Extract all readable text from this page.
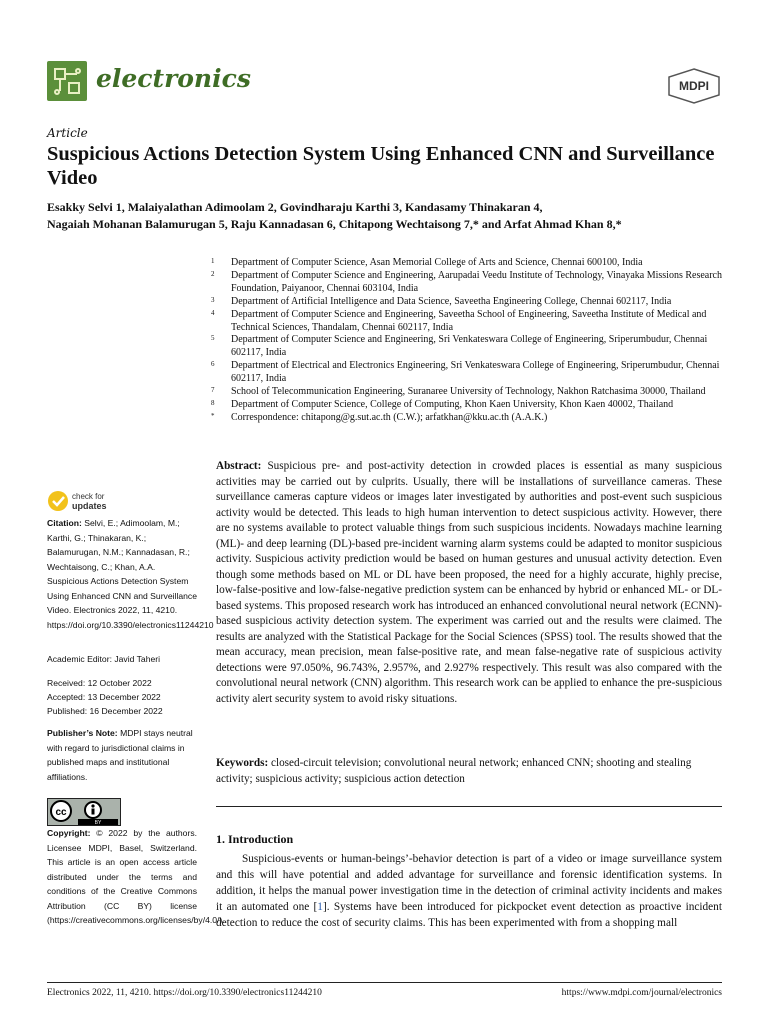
electronics	MDPI
Article
Suspicious Actions Detection System Using Enhanced CNN and Surveillance Video
Esakky Selvi 1, Malaiyalathan Adimoolam 2, Govindharaju Karthi 3, Kandasamy Thinakaran 4,
Nagaiah Mohanan Balamurugan 5, Raju Kannadasan 6, Chitapong Wechtaisong 7,* and Arfat Ahmad Khan 8,*
1 Department of Computer Science, Asan Memorial College of Arts and Science, Chennai 600100, India
2 Department of Computer Science and Engineering, Aarupadai Veedu Institute of Technology, Vinayaka Missions Research Foundation, Paiyanoor, Chennai 603104, India
3 Department of Artificial Intelligence and Data Science, Saveetha Engineering College, Chennai 602117, India
4 Department of Computer Science and Engineering, Saveetha School of Engineering, Saveetha Institute of Medical and Technical Sciences, Thandalam, Chennai 602117, India
5 Department of Computer Science and Engineering, Sri Venkateswara College of Engineering, Sriperumbudur, Chennai 602117, India
6 Department of Electrical and Electronics Engineering, Sri Venkateswara College of Engineering, Sriperumbudur, Chennai 602117, India
7 School of Telecommunication Engineering, Suranaree University of Technology, Nakhon Ratchasima 30000, Thailand
8 Department of Computer Science, College of Computing, Khon Kaen University, Khon Kaen 40002, Thailand
* Correspondence: chitapong@g.sut.ac.th (C.W.); arfatkhan@kku.ac.th (A.A.K.)
check for
updates
Citation: Selvi, E.; Adimoolam, M.; Karthi, G.; Thinakaran, K.; Balamurugan, N.M.; Kannadasan, R.; Wechtaisong, C.; Khan, A.A. Suspicious Actions Detection System Using Enhanced CNN and Surveillance Video. Electronics 2022, 11, 4210. https://doi.org/10.3390/electronics11244210
Academic Editor: Javid Taheri
Received: 12 October 2022
Accepted: 13 December 2022
Published: 16 December 2022
Publisher’s Note: MDPI stays neutral with regard to jurisdictional claims in published maps and institutional affiliations.
cc
BY
Copyright: © 2022 by the authors. Licensee MDPI, Basel, Switzerland. This article is an open access article distributed under the terms and conditions of the Creative Commons Attribution (CC BY) license (https://creativecommons.org/licenses/by/4.0/).
Abstract: Suspicious pre- and post-activity detection in crowded places is essential as many suspicious activities may be carried out by culprits. Usually, there will be installations of surveillance cameras. These surveillance cameras capture videos or images later investigated by authorities and post-event such suspicious activity would be detected. This leads to high human intervention to detect suspicious activity. However, there are no systems available to protect valuable things from such suspicious incidents. Nowadays machine learning (ML)- and deep learning (DL)-based pre-incident warning alarm systems could be adapted to monitor suspicious activity. Suspicious activity prediction would be based on human gestures and unusual activity detection. Even though some methods based on ML or DL have been proposed, the need for a highly accurate, highly precise, low-false-positive and low-false-negative prediction system can be enhanced by hybrid or enhanced ML- or DL-based systems. This proposed research work has introduced an enhanced convolutional neural network (ECNN)-based suspicious activity detection system. The experiment was carried out and the results were claimed. The results are analyzed with the Statistical Package for the Social Sciences (SPSS) tool. The results showed that the mean accuracy, mean precision, mean false-positive rate, and mean false-negative rate of suspicious activity detections were 97.050%, 96.743%, 2.957%, and 2.927% respectively. This result was also compared with the convolutional neural network (CNN) algorithm. This research work can be applied to enhance the pre-suspicious activity alert security system to avoid risky situations.
Keywords: closed-circuit television; convolutional neural network; enhanced CNN; shooting and stealing activity; suspicious activity; suspicious action detection
1. Introduction
Suspicious-events or human-beings’-behavior detection is part of a video or image surveillance system and this will have potential and added advantage for surveillance and forensic identification systems. In addition, it helps the manual power investigation time in the detection of criminal activity incidents and makes it an automated one [1]. Systems have been introduced for pickpocket event detection as proactive incident detection to reduce the cost of security claims. This has been experimented with from a shopping mall
Electronics 2022, 11, 4210. https://doi.org/10.3390/electronics11244210	https://www.mdpi.com/journal/electronics
